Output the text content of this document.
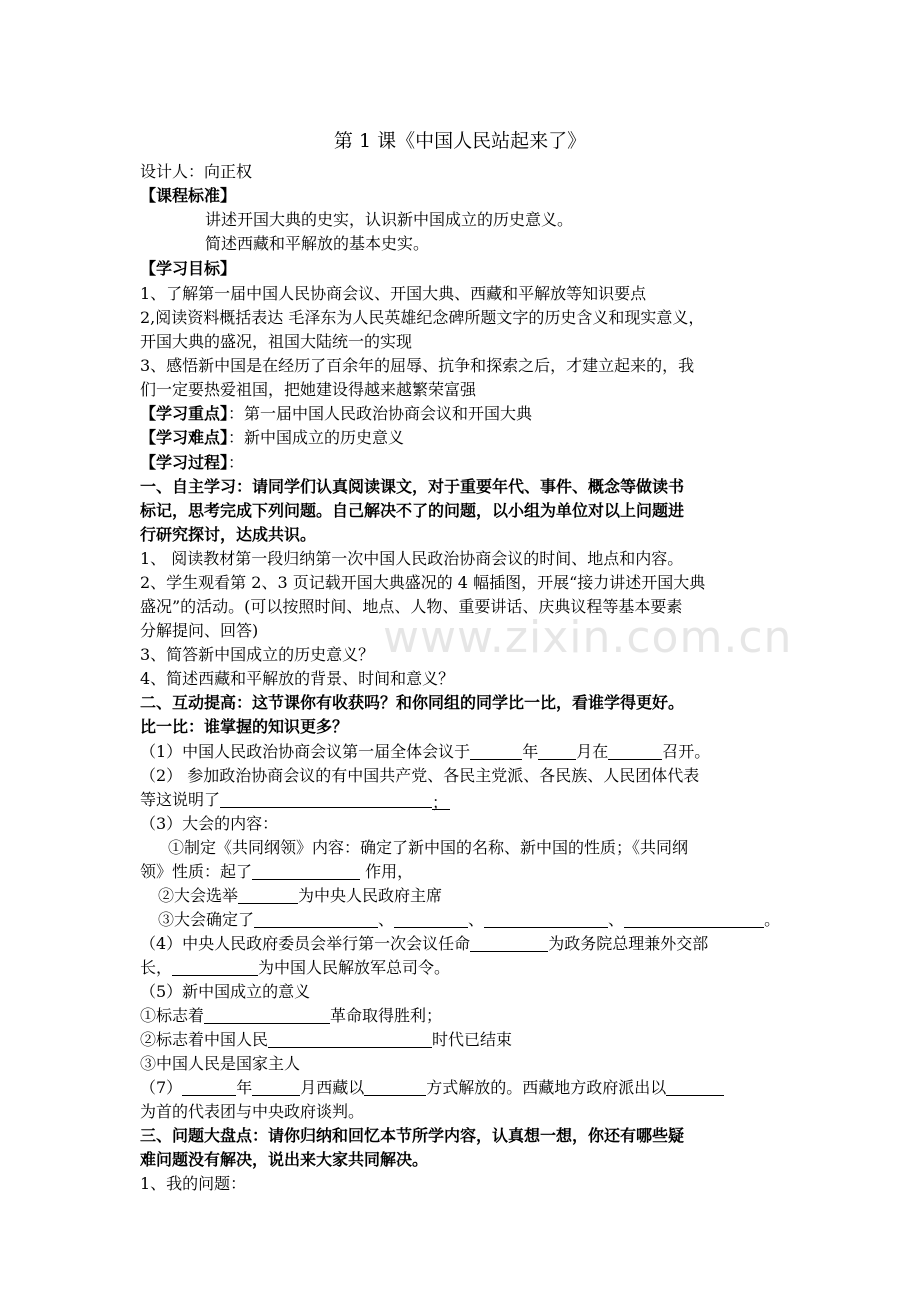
www.zixin.com.cn
第 1 课《中国人民站起来了》
设计人：向正权
【课程标准】
讲述开国大典的史实，认识新中国成立的历史意义。
简述西藏和平解放的基本史实。
【学习目标】
1、了解第一届中国人民协商会议、开国大典、西藏和平解放等知识要点
2,阅读资料概括表达 毛泽东为人民英雄纪念碑所题文字的历史含义和现实意义，
开国大典的盛况，祖国大陆统一的实现
3、感悟新中国是在经历了百余年的屈辱、抗争和探索之后，才建立起来的，我
们一定要热爱祖国，把她建设得越来越繁荣富强
【学习重点】：第一届中国人民政治协商会议和开国大典
【学习难点】：新中国成立的历史意义
【学习过程】：
一、自主学习：请同学们认真阅读课文，对于重要年代、事件、概念等做读书
标记，思考完成下列问题。自己解决不了的问题，以小组为单位对以上问题进
行研究探讨，达成共识。
1、 阅读教材第一段归纳第一次中国人民政治协商会议的时间、地点和内容。
2、学生观看第 2、3 页记载开国大典盛况的 4 幅插图，开展“接力讲述开国大典
盛况”的活动。(可以按照时间、地点、人物、重要讲话、庆典议程等基本要素
分解提问、回答)
3、简答新中国成立的历史意义？
4、简述西藏和平解放的背景、时间和意义？
二、互动提高：这节课你有收获吗？和你同组的同学比一比，看谁学得更好。
比一比：谁掌握的知识更多？
（1）中国人民政治协商会议第一届全体会议于	年 月在	召开。
（2） 参加政治协商会议的有中国共产党、各民主党派、各民族、人民团体代表
等这说明了	；
（3）大会的内容：
①制定《共同纲领》内容：确定了新中国的名称、新中国的性质；《共同纲
领》性质：起了	作用，
②大会选举	为中央人民政府主席
③大会确定了	、	、	、	。
（4）中央人民政府委员会举行第一次会议任命	为政务院总理兼外交部
长，	为中国人民解放军总司令。
（5）新中国成立的意义
①标志着	革命取得胜利；
②标志着中国人民	时代已结束
③中国人民是国家主人
（7）	年	月西藏以	方式解放的。西藏地方政府派出以
为首的代表团与中央政府谈判。
三、问题大盘点：请你归纳和回忆本节所学内容，认真想一想，你还有哪些疑
难问题没有解决，说出来大家共同解决。
1、我的问题：
